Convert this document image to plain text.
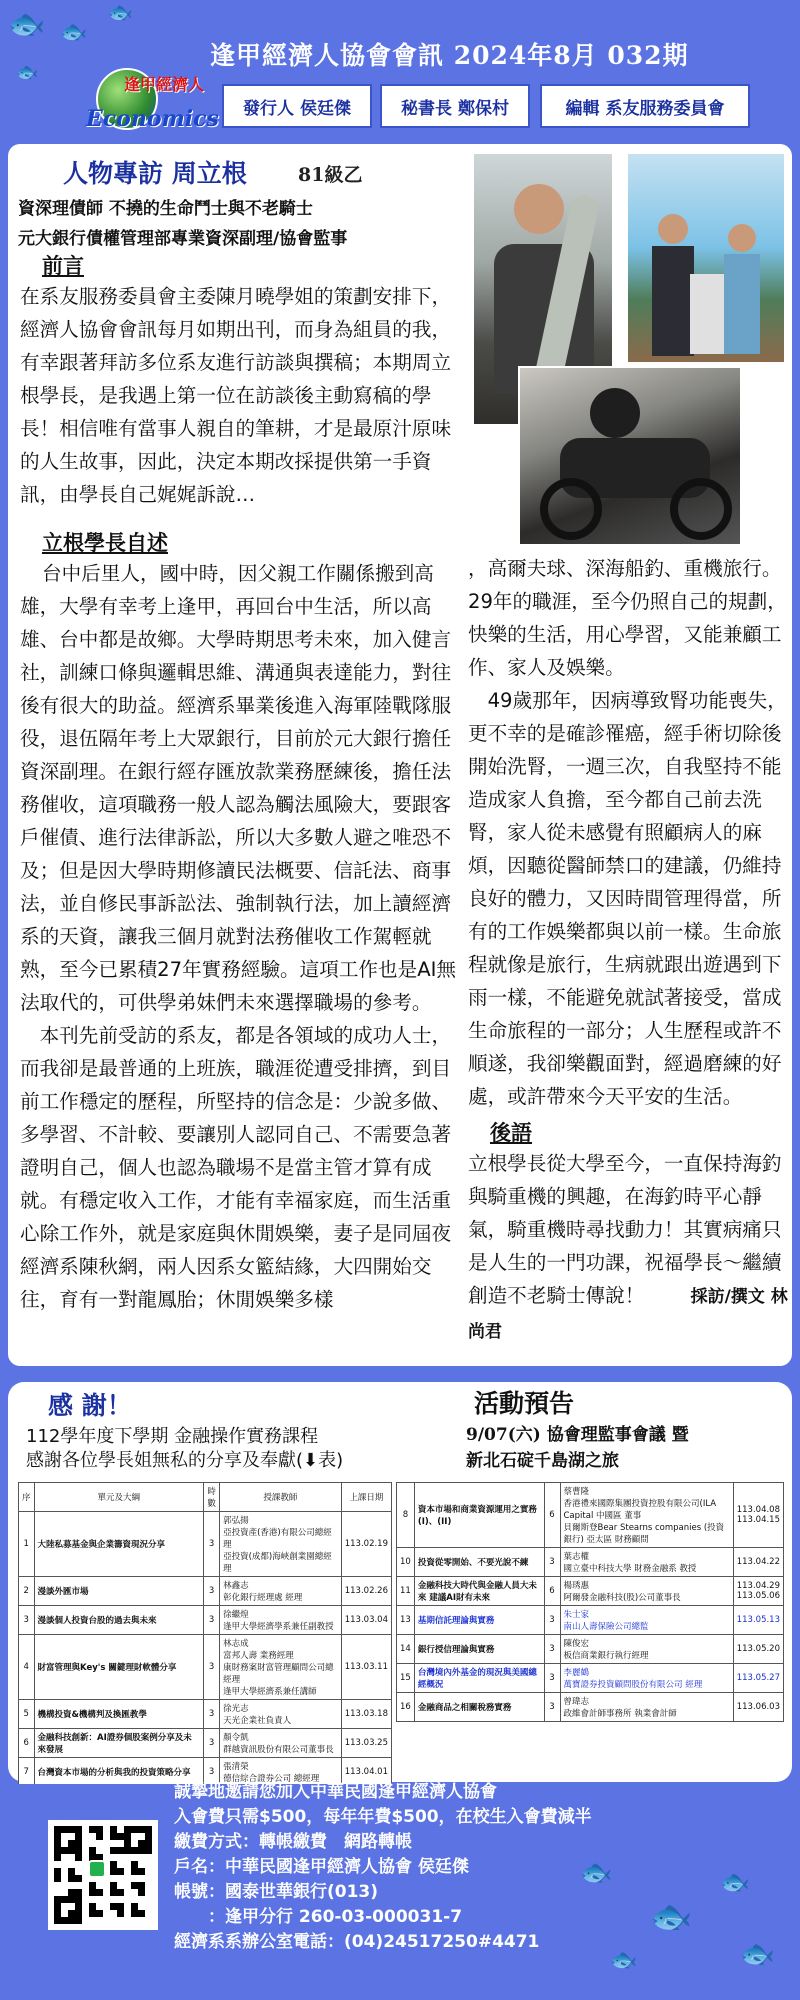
🐟 🐟
🐟
🐟
🐟
🐟
🐟
🐟	🐟
逢甲經濟人
Economics
逢甲經濟人協會會訊 2024年8月 032期
發行人 侯廷傑	秘書長 鄭保村	編輯 系友服務委員會
人物專訪 周立根	81級乙
資深理債師 不撓的生命鬥士與不老騎士
元大銀行債權管理部專業資深副理/協會監事
前言
在系友服務委員會主委陳月曉學姐的策劃安排下，經濟人協會會訊每月如期出刊，而身為組員的我，有幸跟著拜訪多位系友進行訪談與撰稿；本期周立根學長，是我遇上第一位在訪談後主動寫稿的學長！相信唯有當事人親自的筆耕，才是最原汁原味的人生故事，因此，決定本期改採提供第一手資訊，由學長自己娓娓訴說…
立根學長自述
台中后里人，國中時，因父親工作關係搬到高雄，大學有幸考上逢甲，再回台中生活，所以高雄、台中都是故鄉。大學時期思考未來，加入健言社，訓練口條與邏輯思維、溝通與表達能力，對往後有很大的助益。經濟系畢業後進入海軍陸戰隊服役，退伍隔年考上大眾銀行，目前於元大銀行擔任資深副理。在銀行經存匯放款業務歷練後，擔任法務催收，這項職務一般人認為觸法風險大，要跟客戶催債、進行法律訴訟，所以大多數人避之唯恐不及；但是因大學時期修讀民法概要、信託法、商事法，並自修民事訴訟法、強制執行法，加上讀經濟系的天資，讓我三個月就對法務催收工作駕輕就熟，至今已累積27年實務經驗。這項工作也是AI無法取代的，可供學弟妹們未來選擇職場的參考。
　本刊先前受訪的系友，都是各領域的成功人士，而我卻是最普通的上班族，職涯從遭受排擠，到目前工作穩定的歷程，所堅持的信念是：少說多做、多學習、不計較、要讓別人認同自己、不需要急著證明自己，個人也認為職場不是當主管才算有成就。有穩定收入工作，才能有幸福家庭，而生活重心除工作外，就是家庭與休閒娛樂，妻子是同屆夜經濟系陳秋網，兩人因系女籃結緣，大四開始交往，育有一對龍鳳胎；休閒娛樂多樣
，高爾夫球、深海船釣、重機旅行。29年的職涯，至今仍照自己的規劃，快樂的生活，用心學習，又能兼顧工作、家人及娛樂。
　49歲那年，因病導致腎功能喪失，更不幸的是確診罹癌，經手術切除後開始洗腎，一週三次，自我堅持不能造成家人負擔，至今都自己前去洗腎，家人從未感覺有照顧病人的麻煩，因聽從醫師禁口的建議，仍維持良好的體力，又因時間管理得當，所有的工作娛樂都與以前一樣。生命旅程就像是旅行，生病就跟出遊遇到下雨一樣，不能避免就試著接受，當成生命旅程的一部分；人生歷程或許不順遂，我卻樂觀面對，經過磨練的好處，或許帶來今天平安的生活。
後語
立根學長從大學至今，一直保持海釣與騎重機的興趣，在海釣時平心靜氣，騎重機時尋找動力！其實病痛只是人生的一門功課，祝福學長～繼續創造不老騎士傳說！	採訪/撰文 林尚君
感 謝！
112學年度下學期 金融操作實務課程
感謝各位學長姐無私的分享及奉獻(⬇表)
活動預告
9/07(六) 協會理監事會議 暨
新北石碇千島湖之旅
序	單元及大綱	時數	授課教師	上課日期
1	大陸私募基金與企業籌資現況分享	3	郭弘揚
亞投資產(香港)有限公司總經理
亞投資(成都)海峽創業園總經理	113.02.19
2	漫談外匯市場	3	林鑫志
彰化銀行經理處 經理	113.02.26
3	漫談個人投資台股的過去與未來	3	徐繼煌
逢甲大學經濟學系兼任副教授	113.03.04
4	財富管理與Key's 關鍵理財軟體分享	3	林志成
富邦人壽 業務經理
康財務案財富管理顧問公司總經理
逢甲大學經濟系兼任講師	113.03.11
5	機構投資&機構判及換匯教學	3	徐光志
天光企業社負責人	113.03.18
6	金融科技創新：AI證券個股案例分享及未來發展	3	顏令凱
群越資訊股份有限公司董事長	113.03.25
7	台灣資本市場的分析與我的投資策略分享	3	張清榮
德信綜合證券公司 總經理	113.04.01
8	資本市場和商業資源運用之實務(I)、(II)	6	蔡曹隆
香港禮來國際集團投資控股有限公司(ILA Capital 中國區 董事
貝爾斯登Bear Stearns companies (投資銀行) 亞太區 財務顧問	113.04.08
113.04.15
10	投資從零開始、不要光說不練	3	葉志權
國立臺中科技大學 財務金融系 教授	113.04.22
11	金融科技大時代與金融人員大未來 建議AI財有未來	6	楊琇惠
阿爾發金融科技(股)公司董事長	113.04.29
113.05.06
13	基期信託理論與實務	3	朱士家
南山人壽保險公司總監	113.05.13
14	銀行授信理論與實務	3	陳俊宏
板信商業銀行執行經理	113.05.20
15	台灣境內外基金的現況與美國總經概況	3	李麗鶴
萬寶證券投資顧問股份有限公司 經理	113.05.27
16	金融商品之相關稅務實務	3	曾瑋志
政維會計師事務所 執業會計師	113.06.03
誠摯地邀請您加入中華民國逢甲經濟人協會
入會費只需$500，每年年費$500，在校生入會費減半
繳費方式：轉帳繳費　網路轉帳
戶名：中華民國逢甲經濟人協會 侯廷傑
帳號：國泰世華銀行(013)
　　：逢甲分行 260-03-000031-7
經濟系系辦公室電話：(04)24517250#4471
